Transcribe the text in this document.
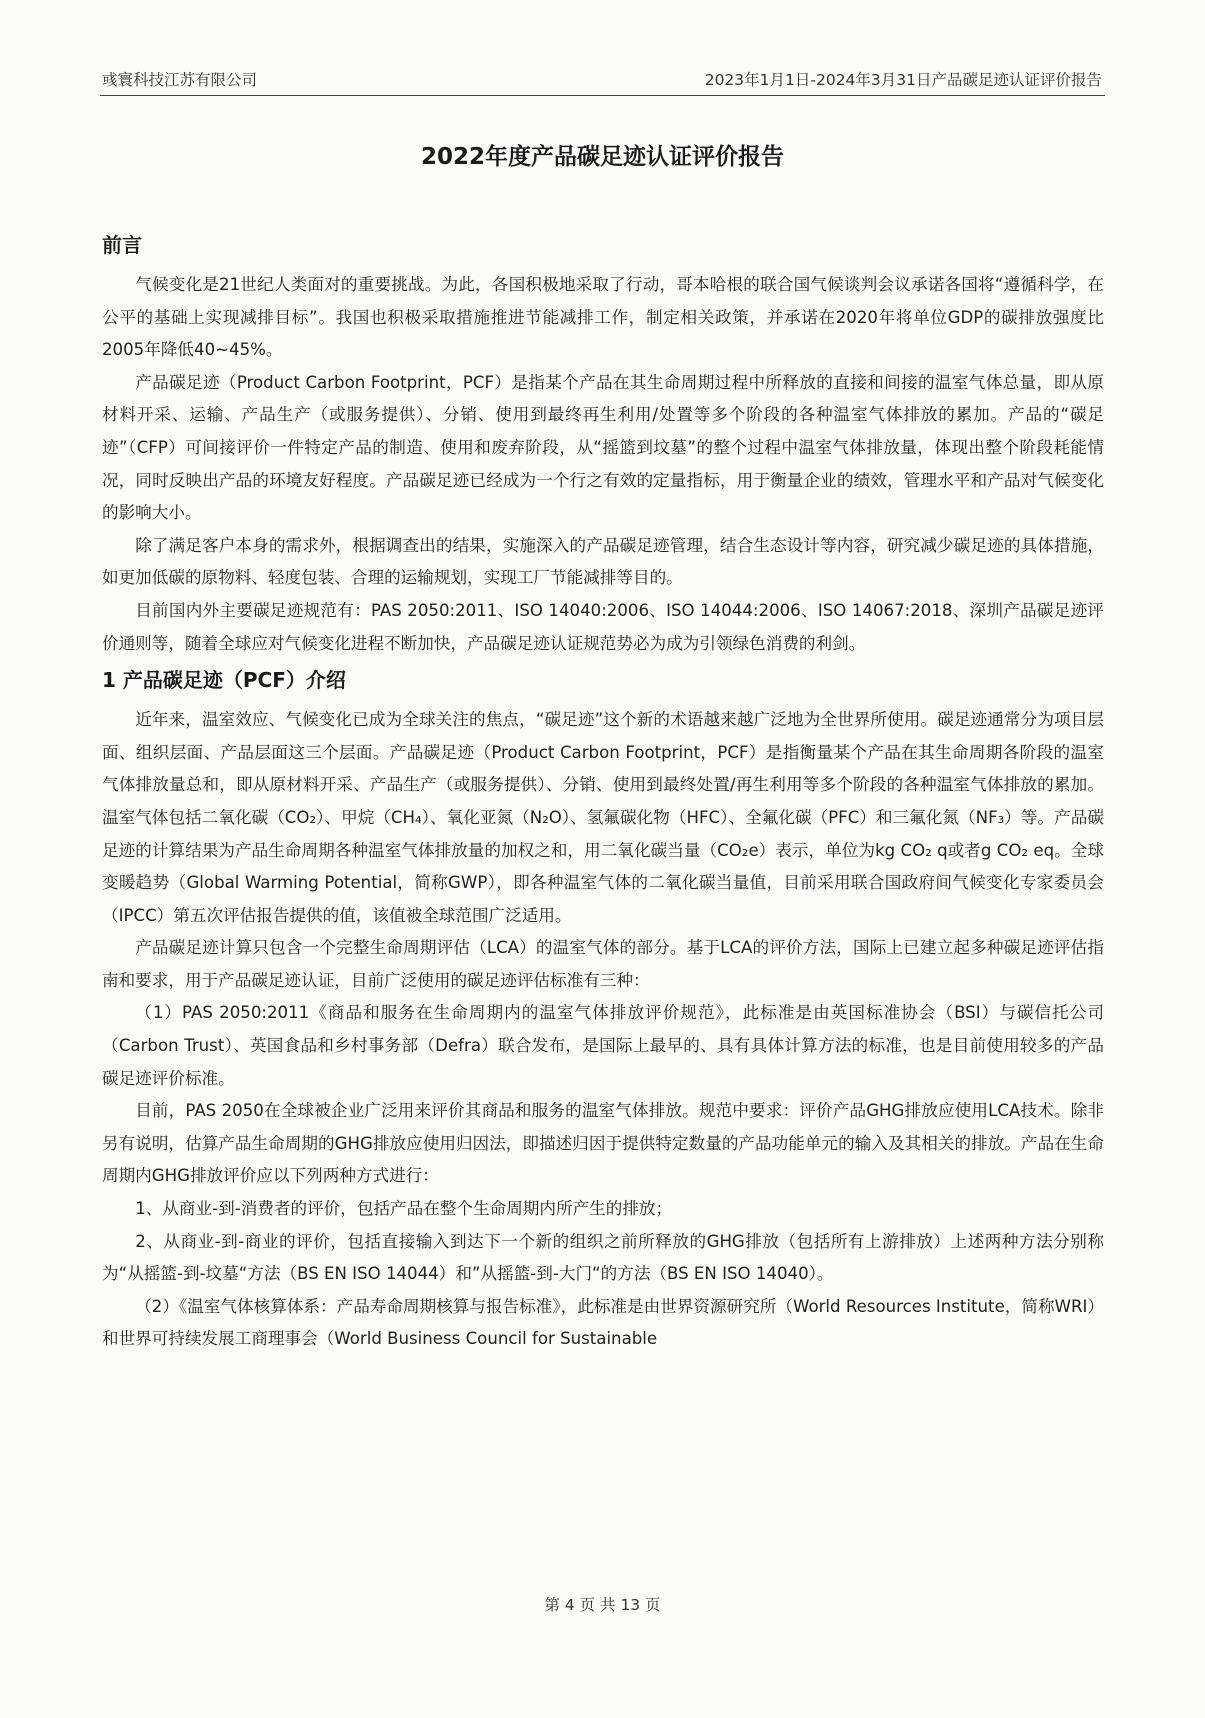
彧寰科技江苏有限公司	2023年1月1日-2024年3月31日产品碳足迹认证评价报告
2022年度产品碳足迹认证评价报告
前言

气候变化是21世纪人类面对的重要挑战。为此，各国积极地采取了行动，哥本哈根的联合国气候谈判会议承诺各国将“遵循科学，在公平的基础上实现减排目标”。我国也积极采取措施推进节能减排工作，制定相关政策，并承诺在2020年将单位GDP的碳排放强度比2005年降低40~45%。

产品碳足迹（Product Carbon Footprint，PCF）是指某个产品在其生命周期过程中所释放的直接和间接的温室气体总量，即从原材料开采、运输、产品生产（或服务提供）、分销、使用到最终再生利用/处置等多个阶段的各种温室气体排放的累加。产品的“碳足迹”（CFP）可间接评价一件特定产品的制造、使用和废弃阶段，从“摇篮到坟墓”的整个过程中温室气体排放量，体现出整个阶段耗能情况，同时反映出产品的环境友好程度。产品碳足迹已经成为一个行之有效的定量指标，用于衡量企业的绩效，管理水平和产品对气候变化的影响大小。

除了满足客户本身的需求外，根据调查出的结果，实施深入的产品碳足迹管理，结合生态设计等内容，研究减少碳足迹的具体措施，如更加低碳的原物料、轻度包装、合理的运输规划，实现工厂节能减排等目的。

目前国内外主要碳足迹规范有：PAS 2050:2011、ISO 14040:2006、ISO 14044:2006、ISO 14067:2018、深圳产品碳足迹评价通则等，随着全球应对气候变化进程不断加快，产品碳足迹认证规范势必为成为引领绿色消费的利剑。

1 产品碳足迹（PCF）介绍

近年来，温室效应、气候变化已成为全球关注的焦点，“碳足迹”这个新的术语越来越广泛地为全世界所使用。碳足迹通常分为项目层面、组织层面、产品层面这三个层面。产品碳足迹（Product Carbon Footprint，PCF）是指衡量某个产品在其生命周期各阶段的温室气体排放量总和，即从原材料开采、产品生产（或服务提供）、分销、使用到最终处置/再生利用等多个阶段的各种温室气体排放的累加。温室气体包括二氧化碳（CO₂）、甲烷（CH₄）、氧化亚氮（N₂O）、氢氟碳化物（HFC）、全氟化碳（PFC）和三氟化氮（NF₃）等。产品碳足迹的计算结果为产品生命周期各种温室气体排放量的加权之和，用二氧化碳当量（CO₂e）表示，单位为kg CO₂ q或者g CO₂ eq。全球变暖趋势（Global Warming Potential，简称GWP），即各种温室气体的二氧化碳当量值，目前采用联合国政府间气候变化专家委员会（IPCC）第五次评估报告提供的值，该值被全球范围广泛适用。

产品碳足迹计算只包含一个完整生命周期评估（LCA）的温室气体的部分。基于LCA的评价方法，国际上已建立起多种碳足迹评估指南和要求，用于产品碳足迹认证，目前广泛使用的碳足迹评估标准有三种：

（1）PAS 2050:2011《商品和服务在生命周期内的温室气体排放评价规范》，此标准是由英国标准协会（BSI）与碳信托公司（Carbon Trust）、英国食品和乡村事务部（Defra）联合发布，是国际上最早的、具有具体计算方法的标准，也是目前使用较多的产品碳足迹评价标准。

目前，PAS 2050在全球被企业广泛用来评价其商品和服务的温室气体排放。规范中要求：评价产品GHG排放应使用LCA技术。除非另有说明，估算产品生命周期的GHG排放应使用归因法，即描述归因于提供特定数量的产品功能单元的输入及其相关的排放。产品在生命周期内GHG排放评价应以下列两种方式进行：

1、从商业-到-消费者的评价，包括产品在整个生命周期内所产生的排放；

2、从商业-到-商业的评价，包括直接输入到达下一个新的组织之前所释放的GHG排放（包括所有上游排放）上述两种方法分别称为“从摇篮-到-坟墓“方法（BS EN ISO 14044）和”从摇篮-到-大门“的方法（BS EN ISO 14040）。

（2）《温室气体核算体系：产品寿命周期核算与报告标准》，此标准是由世界资源研究所（World Resources Institute，简称WRI）和世界可持续发展工商理事会（World Business Council for Sustainable

第 4 页 共 13 页
